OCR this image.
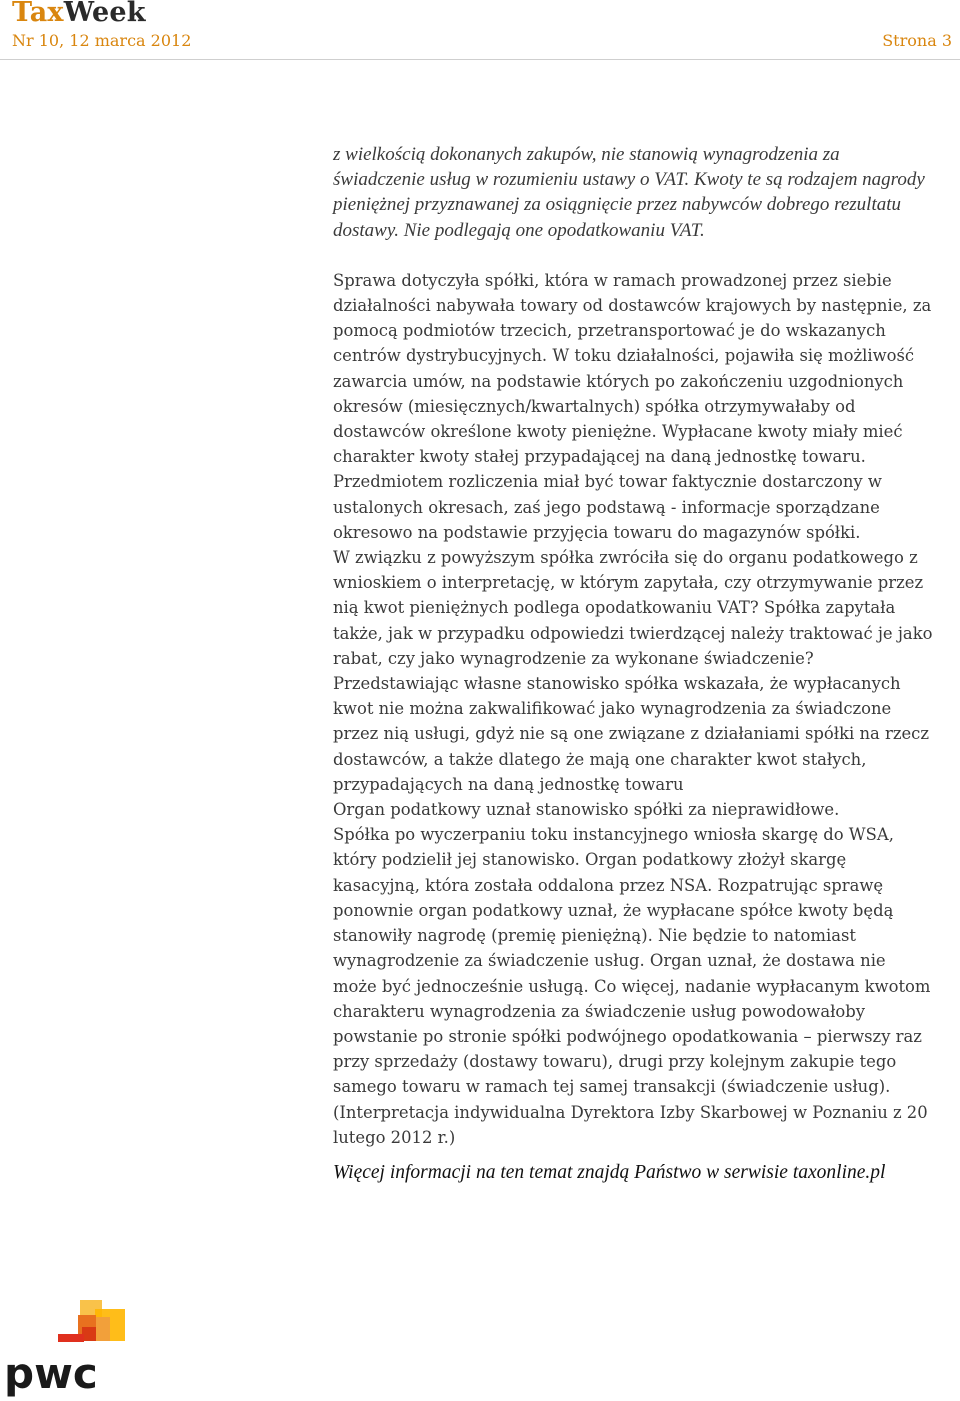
TaxWeek
Nr 10, 12 marca 2012	Strona 3

z wielkością dokonanych zakupów, nie stanowią wynagrodzenia za świadczenie usług w rozumieniu ustawy o VAT. Kwoty te są rodzajem nagrody pieniężnej przyznawanej za osiągnięcie przez nabywców dobrego rezultatu dostawy. Nie podlegają one opodatkowaniu VAT.

Sprawa dotyczyła spółki, która w ramach prowadzonej przez siebie działalności nabywała towary od dostawców krajowych by następnie, za pomocą podmiotów trzecich, przetransportować je do wskazanych centrów dystrybucyjnych. W toku działalności, pojawiła się możliwość zawarcia umów, na podstawie których po zakończeniu uzgodnionych okresów (miesięcznych/kwartalnych) spółka otrzymywałaby od dostawców określone kwoty pieniężne. Wypłacane kwoty miały mieć charakter kwoty stałej przypadającej na daną jednostkę towaru.

Przedmiotem rozliczenia miał być towar faktycznie dostarczony w ustalonych okresach, zaś jego podstawą - informacje sporządzane okresowo na podstawie przyjęcia towaru do magazynów spółki.

W związku z powyższym spółka zwróciła się do organu podatkowego z wnioskiem o interpretację, w którym zapytała, czy otrzymywanie przez nią kwot pieniężnych podlega opodatkowaniu VAT? Spółka zapytała także, jak w przypadku odpowiedzi twierdzącej należy traktować je jako rabat, czy jako wynagrodzenie za wykonane świadczenie?

Przedstawiając własne stanowisko spółka wskazała, że wypłacanych kwot nie można zakwalifikować jako wynagrodzenia za świadczone przez nią usługi, gdyż nie są one związane z działaniami spółki na rzecz dostawców, a także dlatego że mają one charakter kwot stałych, przypadających na daną jednostkę towaru

Organ podatkowy uznał stanowisko spółki za nieprawidłowe.

Spółka po wyczerpaniu toku instancyjnego wniosła skargę do WSA, który podzielił jej stanowisko. Organ podatkowy złożył skargę kasacyjną, która została oddalona przez NSA. Rozpatrując sprawę ponownie organ podatkowy uznał, że wypłacane spółce kwoty będą stanowiły nagrodę (premię pieniężną). Nie będzie to natomiast wynagrodzenie za świadczenie usług. Organ uznał, że dostawa nie może być jednocześnie usługą. Co więcej, nadanie wypłacanym kwotom charakteru wynagrodzenia za świadczenie usług powodowałoby powstanie po stronie spółki podwójnego opodatkowania – pierwszy raz przy sprzedaży (dostawy towaru), drugi przy kolejnym zakupie tego samego towaru w ramach tej samej transakcji (świadczenie usług).

(Interpretacja indywidualna Dyrektora Izby Skarbowej w Poznaniu z 20 lutego 2012 r.)

Więcej informacji na ten temat znajdą Państwo w serwisie taxonline.pl

pwc
